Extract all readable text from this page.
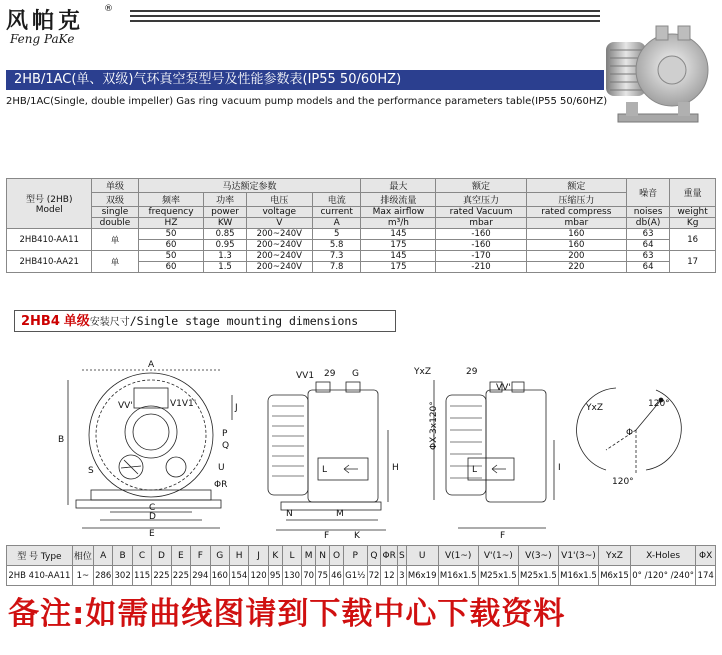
风帕克 ®
Feng PaKe
2HB/1AC(单、双级)气环真空泵型号及性能参数表(IP55 50/60HZ)
2HB/1AC(Single, double impeller) Gas ring vacuum pump models and the performance parameters table(IP55 50/60HZ)
型号 (2HB)
Model	单级	马达额定参数				最大	额定	额定	噪音	重量
	双级	频率	功率	电压	电流	排级流量	真空压力	压缩压力		
	single	frequency	power	voltage	current	Max airflow	rated Vacuum	rated compress	noises	weight
	double	HZ	KW	V	A	m³/h	mbar	mbar	db(A)	Kg
2HB410-AA11	单	50	0.85	200~240V	5	145	-160	160	63	16
		60	0.95	200~240V	5.8	175	-160	160	64	
2HB410-AA21	单	50	1.3	200~240V	7.3	145	-170	200	63	17
		60	1.5	200~240V	7.8	175	-210	220	64	
2HB4 单级安装尺寸/Single stage mounting dimensions
A
B
VV'	V1V1'	J
P
Q
U
S
ΦR
C
D
E
VV1 29 G
H
L
N	M
F	K
YxZ	29
VV'
ΦX-3x120°
I
L
F
YxZ	120°
Φ
120°
型 号 Type	相位	A	B	C	D	E	F	G	H	J	K	L	M	N	O	P	Q	ΦR	S	U	V(1~)	V'(1~)	V(3~)	V1'(3~)	YxZ	X-Holes	ΦX
2HB 410-AA11	1~	286	302	115	225	225	294	160	154	120	95	130	70	75	46	G1½	72	12	3	M6x19	M16x1.5	M25x1.5	M25x1.5	M16x1.5	M6x15	0° /120° /240°	174
备注:如需曲线图请到下载中心下载资料
